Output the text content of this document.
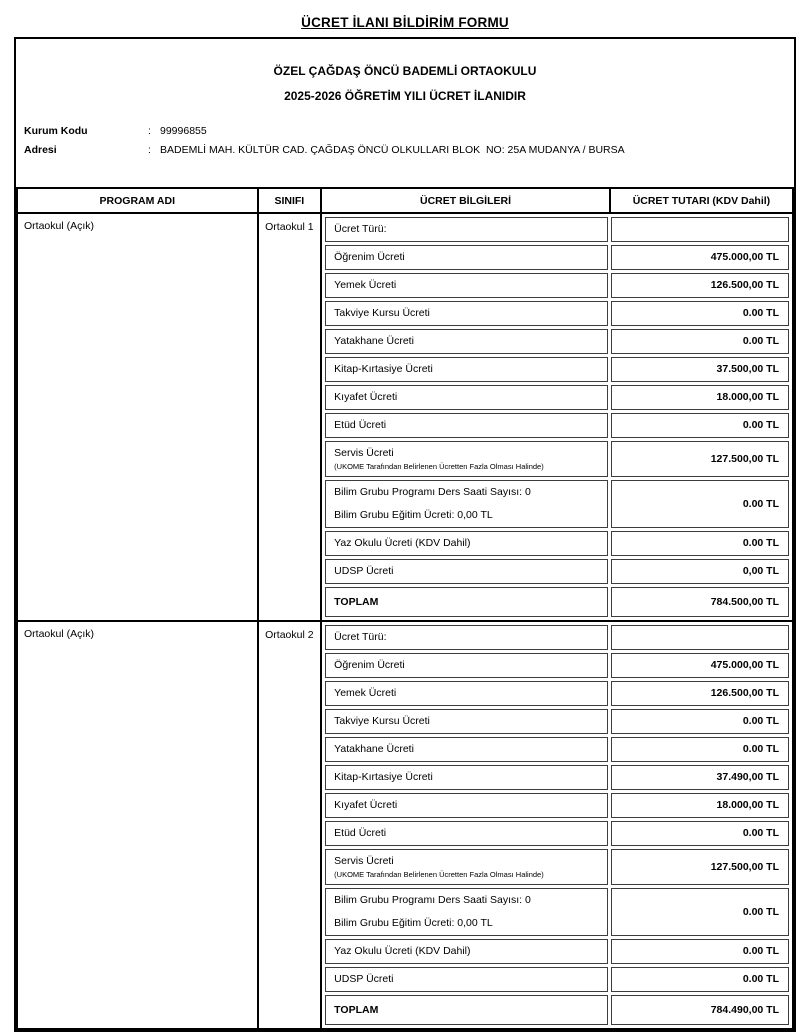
ÜCRET İLANI BİLDİRİM FORMU
ÖZEL ÇAĞDAŞ ÖNCÜ BADEMLİ ORTAOKULU
2025-2026 ÖĞRETİM YILI ÜCRET İLANIDIR
Kurum Kodu	: 99996855
Adresi	: BADEMLİ MAH. KÜLTÜR CAD. ÇAĞDAŞ ÖNCÜ OLKULLARI BLOK  NO: 25A MUDANYA / BURSA
PROGRAM ADI	SINIFI	ÜCRET BİLGİLERİ	ÜCRET TUTARI (KDV Dahil)
Ortaokul (Açık)	Ortaokul 1	Ücret Türü:

Öğrenim Ücreti	475.000,00 TL

Yemek Ücreti	126.500,00 TL

Takviye Kursu Ücreti	0.00 TL

Yatakhane Ücreti	0.00 TL

Kitap-Kırtasiye Ücreti	37.500,00 TL

Kıyafet Ücreti	18.000,00 TL

Etüd Ücreti	0.00 TL

Servis Ücreti
(UKOME Tarafından Belirlenen Ücretten Fazla Olması Halinde)
	127.500,00 TL

Bilim Grubu Programı Ders Saati Sayısı: 0
Bilim Grubu Eğitim Ücreti: 0,00 TL
	0.00 TL

Yaz Okulu Ücreti (KDV Dahil)	0.00 TL

UDSP Ücreti	0,00 TL

TOPLAM	784.500,00 TL

Ortaokul (Açık)	Ortaokul 2	Ücret Türü:

Öğrenim Ücreti	475.000,00 TL

Yemek Ücreti	126.500,00 TL

Takviye Kursu Ücreti	0.00 TL

Yatakhane Ücreti	0.00 TL

Kitap-Kırtasiye Ücreti	37.490,00 TL

Kıyafet Ücreti	18.000,00 TL

Etüd Ücreti	0.00 TL

Servis Ücreti
(UKOME Tarafından Belirlenen Ücretten Fazla Olması Halinde)
	127.500,00 TL

Bilim Grubu Programı Ders Saati Sayısı: 0
Bilim Grubu Eğitim Ücreti: 0,00 TL
	0.00 TL

Yaz Okulu Ücreti (KDV Dahil)	0.00 TL

UDSP Ücreti	0.00 TL

TOPLAM	784.490,00 TL
